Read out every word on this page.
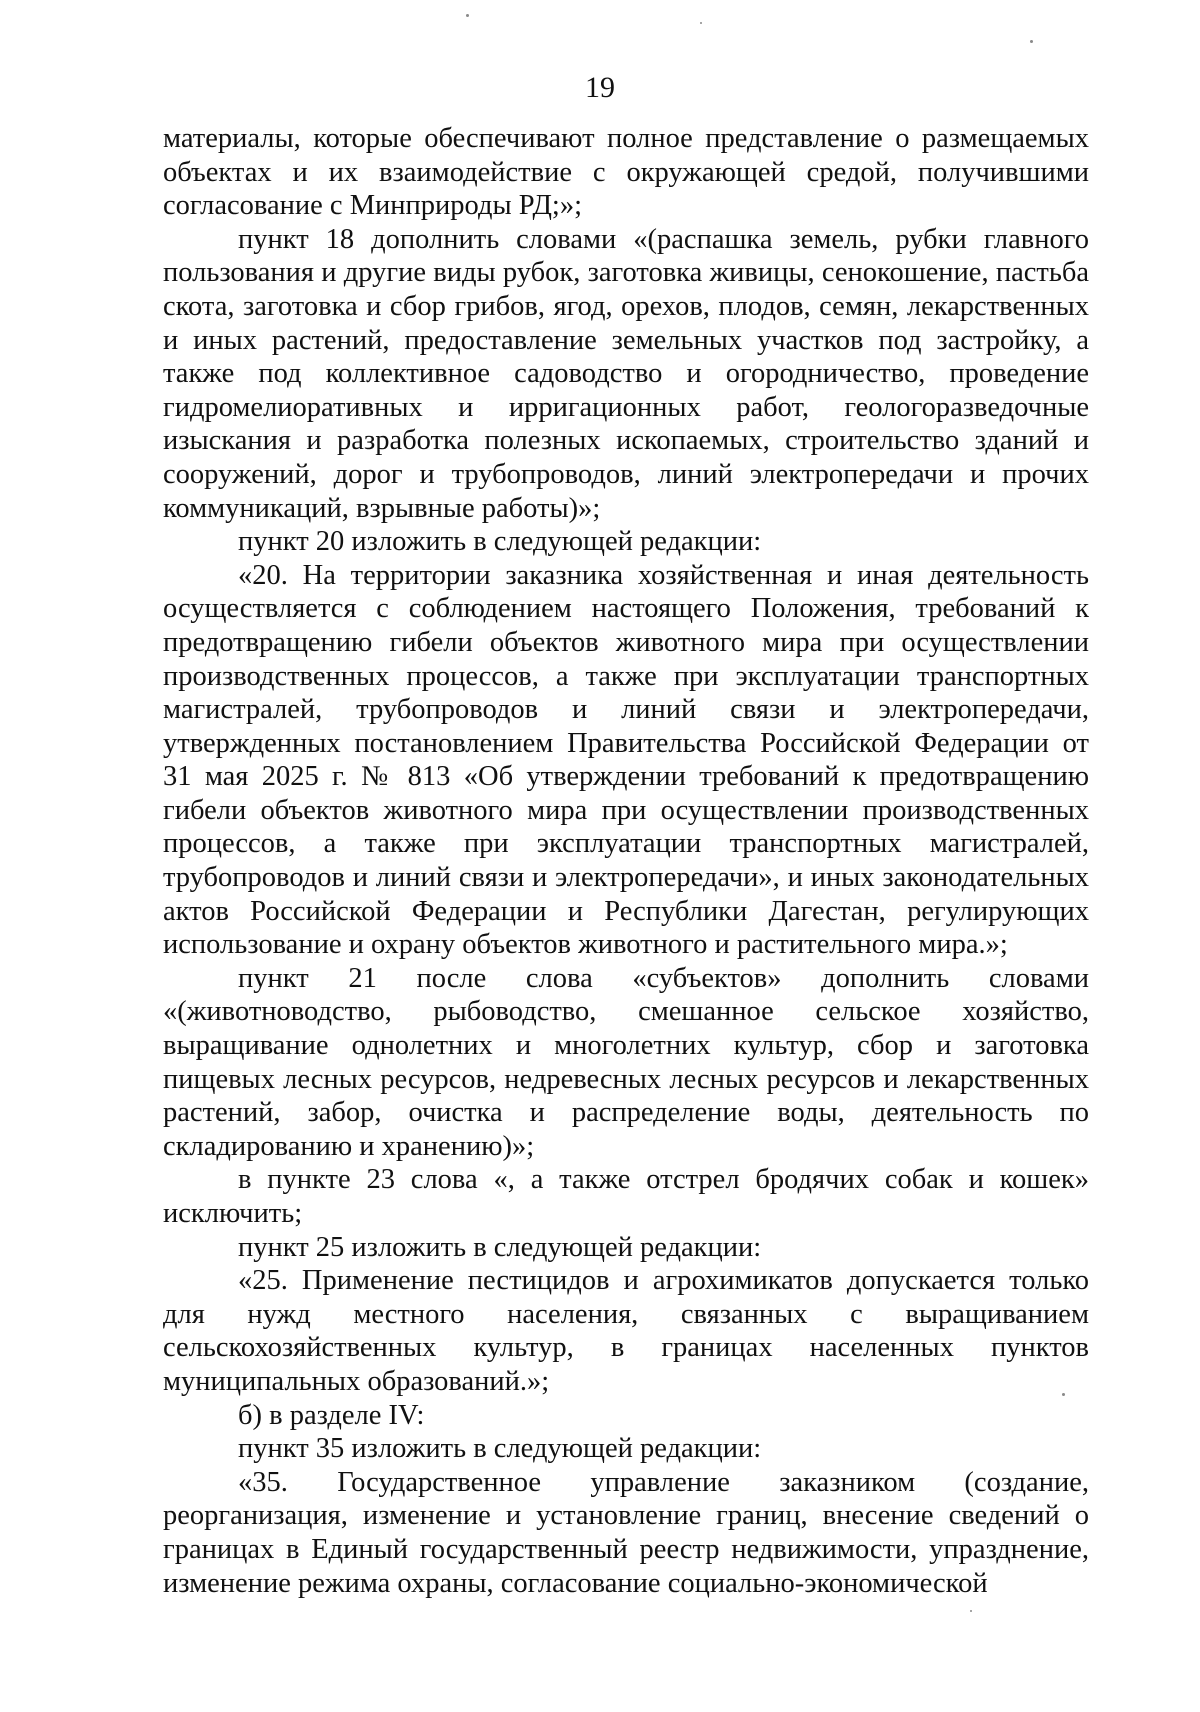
19

материалы, которые обеспечивают полное представление о размещаемых объектах и их взаимодействие с окружающей средой, получившими согласование с Минприроды РД;»;

пункт 18 дополнить словами «(распашка земель, рубки главного пользования и другие виды рубок, заготовка живицы, сенокошение, пастьба скота, заготовка и сбор грибов, ягод, орехов, плодов, семян, лекарственных и иных растений, предоставление земельных участков под застройку, а также под коллективное садоводство и огородничество, проведение гидромелиоративных и ирригационных работ, геологоразведочные изыскания и разработка полезных ископаемых, строительство зданий и сооружений, дорог и трубопроводов, линий электропередачи и прочих коммуникаций, взрывные работы)»;

пункт 20 изложить в следующей редакции:

«20. На территории заказника хозяйственная и иная деятельность осуществляется с соблюдением настоящего Положения, требований к предотвращению гибели объектов животного мира при осуществлении производственных процессов, а также при эксплуатации транспортных магистралей, трубопроводов и линий связи и электропередачи, утвержденных постановлением Правительства Российской Федерации от 31 мая 2025 г. № 813 «Об утверждении требований к предотвращению гибели объектов животного мира при осуществлении производственных процессов, а также при эксплуатации транспортных магистралей, трубопроводов и линий связи и электропередачи», и иных законодательных актов Российской Федерации и Республики Дагестан, регулирующих использование и охрану объектов животного и растительного мира.»;

пункт 21 после слова «субъектов» дополнить словами «(животноводство, рыбоводство, смешанное сельское хозяйство, выращивание однолетних и многолетних культур, сбор и заготовка пищевых лесных ресурсов, недревесных лесных ресурсов и лекарственных растений, забор, очистка и распределение воды, деятельность по складированию и хранению)»;

в пункте 23 слова «, а также отстрел бродячих собак и кошек» исключить;

пункт 25 изложить в следующей редакции:

«25. Применение пестицидов и агрохимикатов допускается только для нужд местного населения, связанных с выращиванием сельскохозяйственных культур, в границах населенных пунктов муниципальных образований.»;

б) в разделе IV:

пункт 35 изложить в следующей редакции:

«35. Государственное управление заказником (создание, реорганизация, изменение и установление границ, внесение сведений о границах в Единый государственный реестр недвижимости, упразднение, изменение режима охраны, согласование социально-экономической
